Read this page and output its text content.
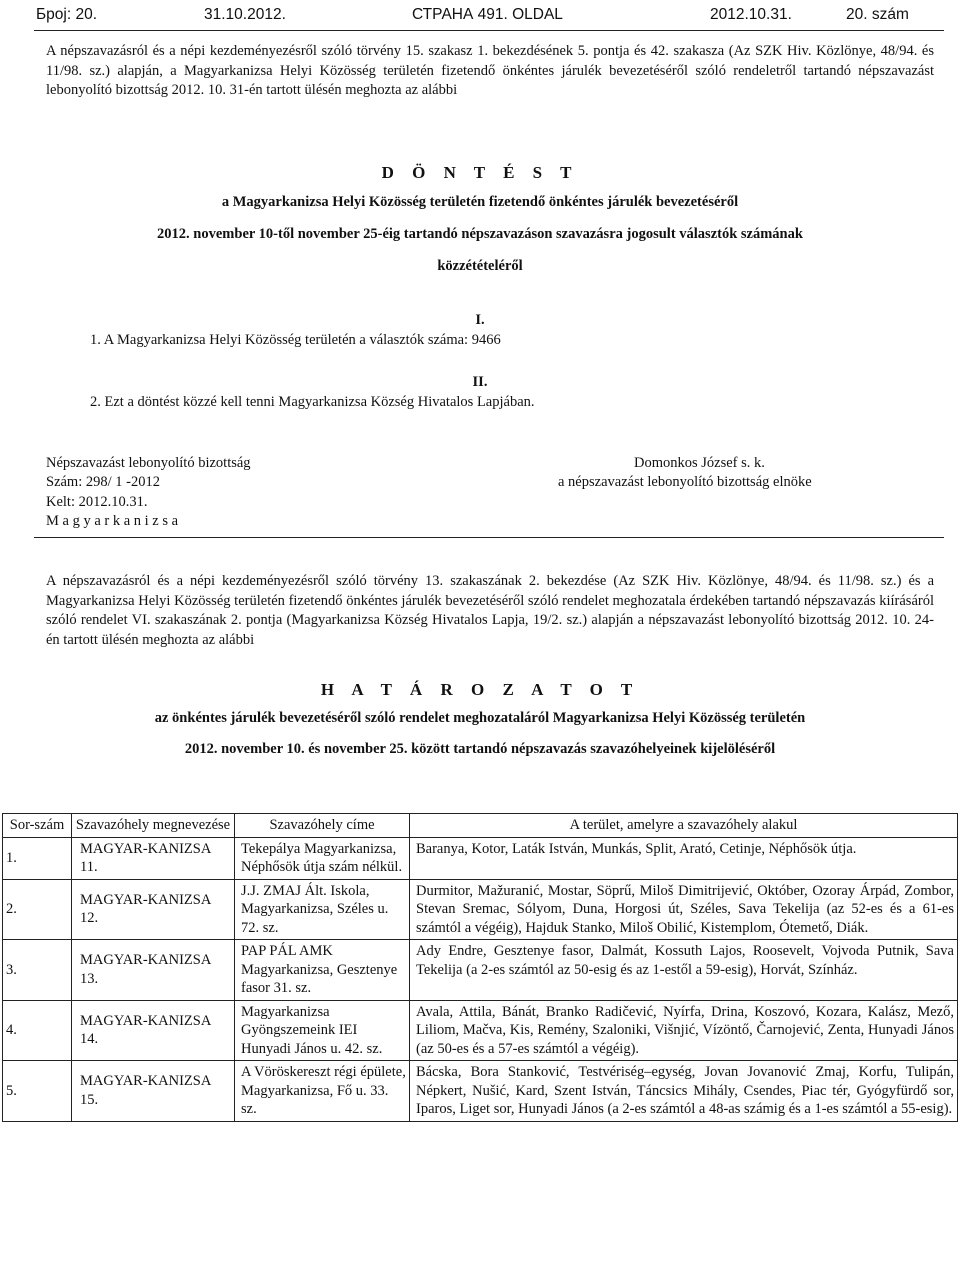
Број: 20.	31.10.2012.	СТРАНА 491. OLDAL	2012.10.31.	20. szám

A népszavazásról és a népi kezdeményezésről szóló törvény 15. szakasz 1. bekezdésének 5. pontja és 42. szakasza (Az SZK Hiv. Közlönye, 48/94. és 11/98. sz.) alapján, a Magyarkanizsa Helyi Közösség területén fizetendő önkéntes járulék bevezetéséről szóló rendeletről tartandó népszavazást lebonyolító bizottság 2012. 10. 31-én tartott ülésén meghozta az alábbi

D Ö N T É S T

a Magyarkanizsa Helyi Közösség területén fizetendő önkéntes járulék bevezetéséről

2012. november 10-től november 25-éig tartandó népszavazáson szavazásra jogosult választók számának

közzétételéről

I.

1. A Magyarkanizsa Helyi Közösség területén a választók száma: 9466

II.

2. Ezt a döntést közzé kell tenni Magyarkanizsa Község Hivatalos Lapjában.

Népszavazást lebonyolító bizottság

Szám: 298/ 1 -2012

Kelt: 2012.10.31.

M a g y a r k a n i z s a

Domonkos József s. k.

a népszavazást lebonyolító bizottság elnöke

A népszavazásról és a népi kezdeményezésről szóló törvény 13. szakaszának 2. bekezdése (Az SZK Hiv. Közlönye, 48/94. és 11/98. sz.) és a Magyarkanizsa Helyi Közösség területén fizetendő önkéntes járulék bevezetéséről szóló rendelet meghozatala érdekében tartandó népszavazás kiírásáról szóló rendelet VI. szakaszának 2. pontja (Magyarkanizsa Község Hivatalos Lapja, 19/2. sz.) alapján a népszavazást lebonyolító bizottság 2012. 10. 24-én tartott ülésén meghozta az alábbi

H A T Á R O Z A T O T

az önkéntes járulék bevezetéséről szóló rendelet meghozataláról Magyarkanizsa Helyi Közösség területén

2012. november 10. és november 25. között tartandó népszavazás szavazóhelyeinek kijelöléséről

Sor-szám	Szavazóhely megnevezése	Szavazóhely címe	A terület, amelyre a szavazóhely alakul
1.	MAGYAR-KANIZSA 11.	Tekepálya Magyarkanizsa, Néphősök útja szám nélkül.	Baranya, Kotor, Laták István, Munkás, Split, Arató, Cetinje, Néphősök útja.
2.	MAGYAR-KANIZSA 12.	J.J. ZMAJ Ált. Iskola, Magyarkanizsa, Széles u. 72. sz.	Durmitor, Mažuranić, Mostar, Söprű, Miloš Dimitrijević, Október, Ozoray Árpád, Zombor, Stevan Sremac, Sólyom, Duna, Horgosi út, Széles, Sava Tekelija (az 52-es és a 61-es számtól a végéig), Hajduk Stanko, Miloš Obilić, Kistemplom, Ótemető, Diák.
3.	MAGYAR-KANIZSA 13.	PAP PÁL AMK Magyarkanizsa, Gesztenye fasor 31. sz.	Ady Endre, Gesztenye fasor, Dalmát, Kossuth Lajos, Roosevelt, Vojvoda Putnik, Sava Tekelija (a 2-es számtól az 50-esig és az 1-estől a 59-esig), Horvát, Színház.
4.	MAGYAR-KANIZSA 14.	Magyarkanizsa Gyöngszemeink IEI Hunyadi János u. 42. sz.	Avala, Attila, Bánát, Branko Radičević, Nyírfa, Drina, Koszovó, Kozara, Kalász, Mező, Liliom, Mačva, Kis, Remény, Szaloniki, Višnjić, Vízöntő, Čarnojević, Zenta, Hunyadi János (az 50-es és a 57-es számtól a végéig).
5.	MAGYAR-KANIZSA 15.	A Vöröskereszt régi épülete, Magyarkanizsa, Fő u. 33. sz.	Bácska, Bora Stanković, Testvériség–egység, Jovan Jovanović Zmaj, Korfu, Tulipán, Népkert, Nušić, Kard, Szent István, Táncsics Mihály, Csendes, Piac tér, Gyógyfürdő sor, Iparos, Liget sor, Hunyadi János (a 2-es számtól a 48-as számig és a 1-es számtól a 55-esig).
